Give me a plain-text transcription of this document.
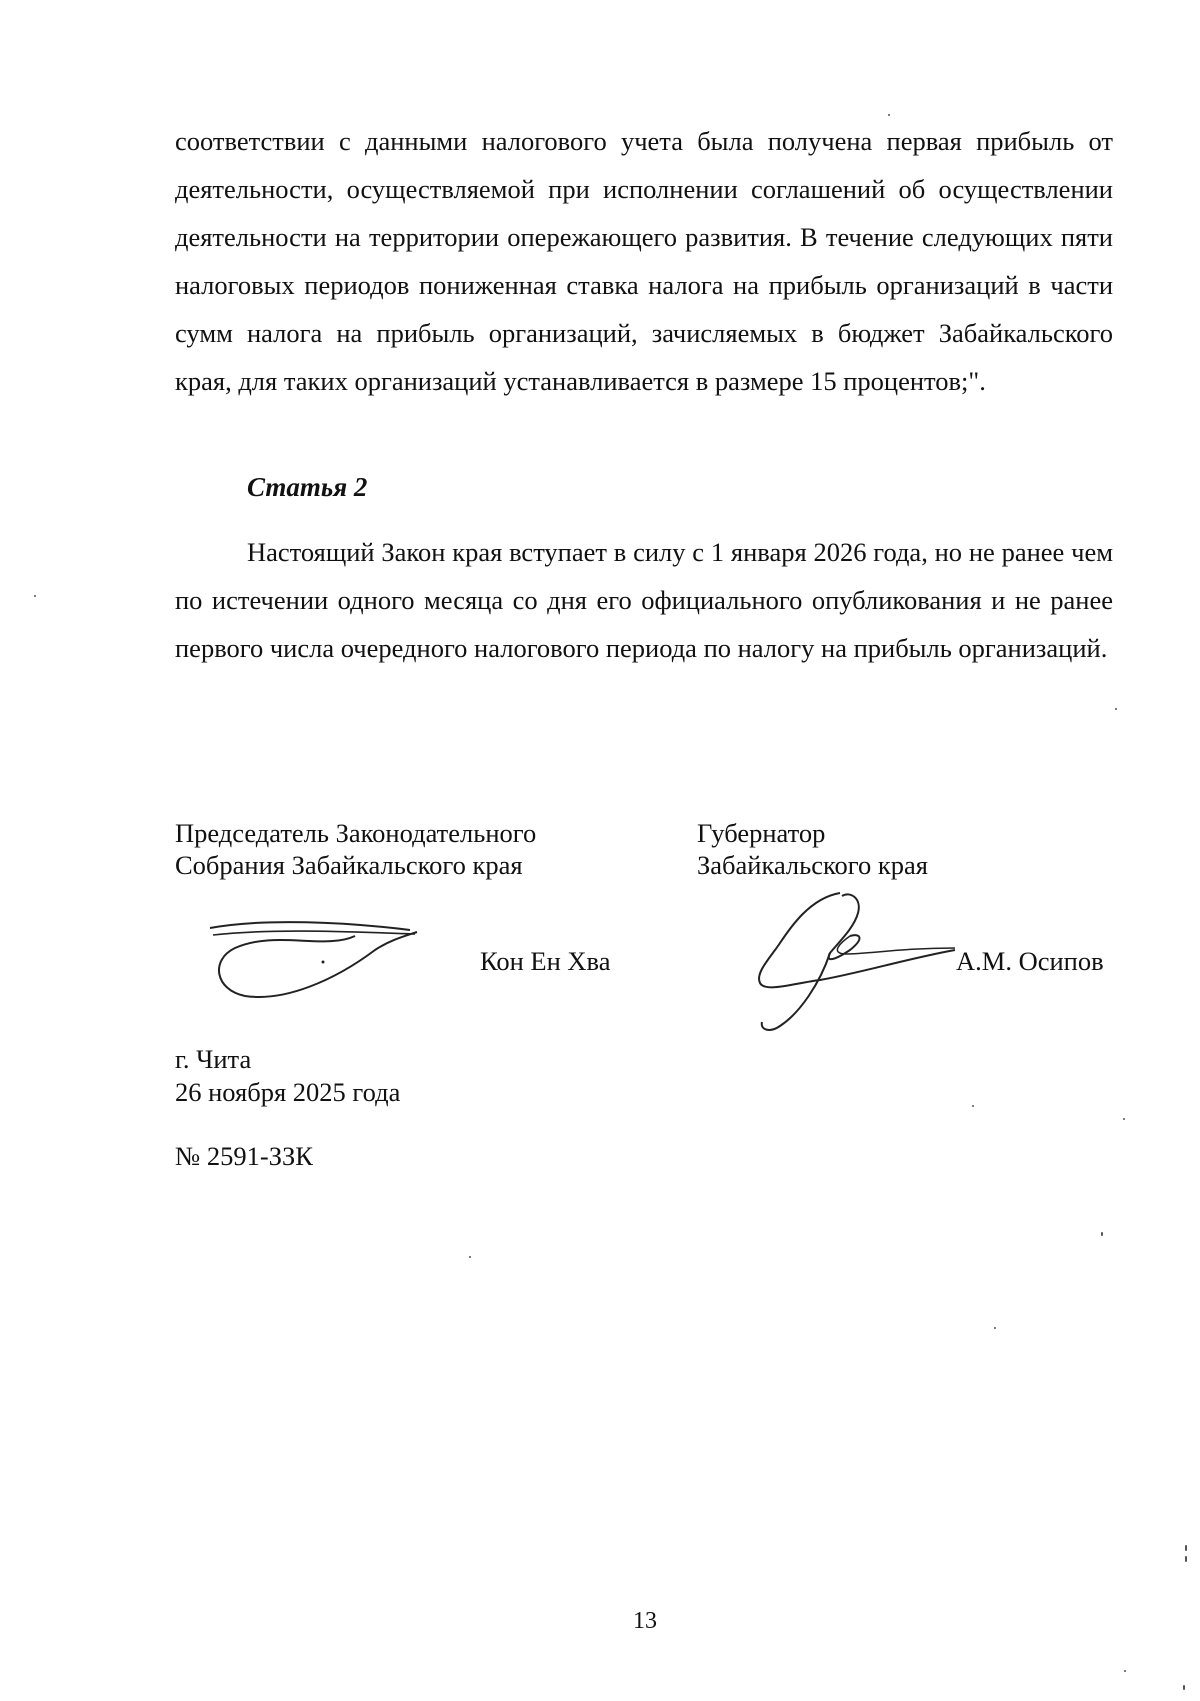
соответствии с данными налогового учета была получена первая прибыль от деятельности, осуществляемой при исполнении соглашений об осуществлении деятельности на территории опережающего развития. В течение следующих пяти налоговых периодов пониженная ставка налога на прибыль организаций в части сумм налога на прибыль организаций, зачисляемых в бюджет Забайкальского края, для таких организаций устанавливается в размере 15 процентов;".

Статья 2

Настоящий Закон края вступает в силу с 1 января 2026 года, но не ранее чем по истечении одного месяца со дня его официального опубликования и не ранее первого числа очередного налогового периода по налогу на прибыль организаций.

Председатель Законодательного
Собрания Забайкальского края
Губернатор
Забайкальского края
Кон Ен Хва	А.М. Осипов
г. Чита
26 ноября 2025 года
№ 2591-ЗЗК
13
